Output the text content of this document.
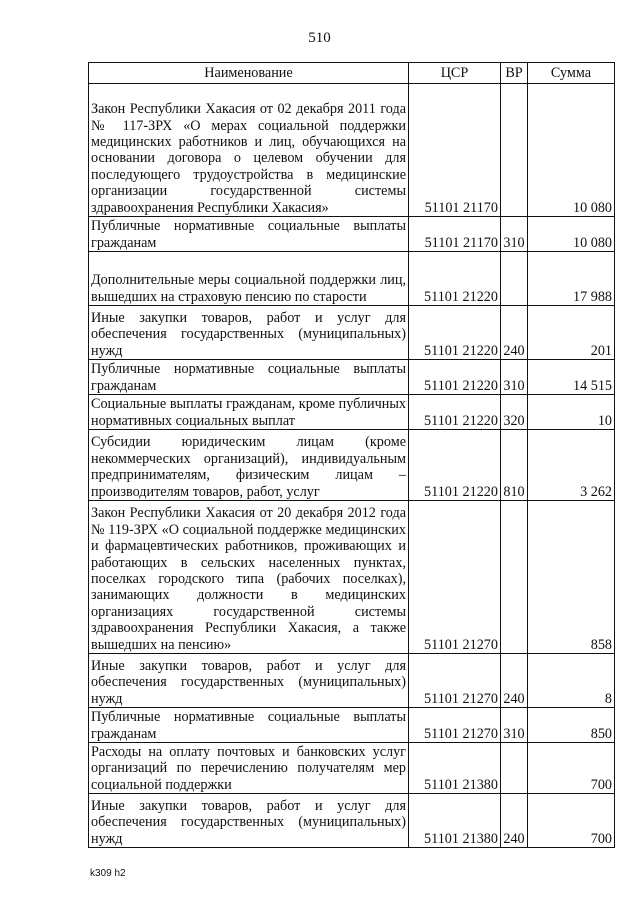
510
Наименование	ЦСР	ВР	Сумма
Закон Республики Хакасия от 02 декабря 2011 года № 117-ЗРХ «О мерах социальной поддержки медицинских работников и лиц, обучающихся на основании договора о целевом обучении для последующего трудоустройства в медицинские организации государственной системы здравоохранения Республики Хакасия»	51101 21170		10 080
Публичные нормативные социальные выплаты гражданам	51101 21170	310	10 080
Дополнительные меры социальной поддержки лиц, вышедших на страховую пенсию по старости	51101 21220		17 988
Иные закупки товаров, работ и услуг для обеспечения государственных (муниципальных) нужд	51101 21220	240	201
Публичные нормативные социальные выплаты гражданам	51101 21220	310	14 515
Социальные выплаты гражданам, кроме публичных нормативных социальных выплат	51101 21220	320	10
Субсидии юридическим лицам (кроме некоммерческих организаций), индивидуальным предпринимателям, физическим лицам – производителям товаров, работ, услуг	51101 21220	810	3 262
Закон Республики Хакасия от 20 декабря 2012 года № 119-ЗРХ «О социальной поддержке медицинских и фармацевтических работников, проживающих и работающих в сельских населенных пунктах, поселках городского типа (рабочих поселках), занимающих должности в медицинских организациях государственной системы здравоохранения Республики Хакасия, а также вышедших на пенсию»	51101 21270		858
Иные закупки товаров, работ и услуг для обеспечения государственных (муниципальных) нужд	51101 21270	240	8
Публичные нормативные социальные выплаты гражданам	51101 21270	310	850
Расходы на оплату почтовых и банковских услуг организаций по перечислению получателям мер социальной поддержки	51101 21380		700
Иные закупки товаров, работ и услуг для обеспечения государственных (муниципальных) нужд	51101 21380	240	700
k309 h2
